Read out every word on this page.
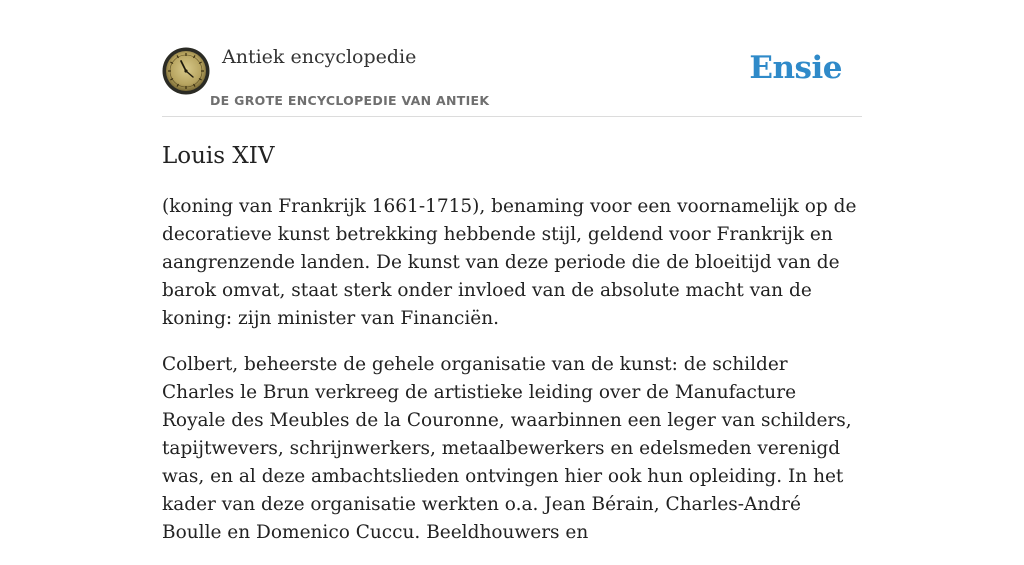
Antiek encyclopedie
DE GROTE ENCYCLOPEDIE VAN ANTIEK
Ensie
Louis XIV

(koning van Frankrijk 1661-1715), benaming voor een voornamelijk op de decoratieve kunst betrekking hebbende stijl, geldend voor Frankrijk en aangrenzende landen. De kunst van deze periode die de bloeitijd van de barok omvat, staat sterk onder invloed van de absolute macht van de koning: zijn minister van Financiën.

Colbert, beheerste de gehele organisatie van de kunst: de schilder Charles le Brun verkreeg de artistieke leiding over de Manufacture Royale des Meubles de la Couronne, waarbinnen een leger van schilders, tapijtwevers, schrijnwerkers, metaalbewerkers en edelsmeden verenigd was, en al deze ambachtslieden ontvingen hier ook hun opleiding. In het kader van deze organisatie werkten o.a. Jean Bérain, Charles-André Boulle en Domenico Cuccu. Beeldhouwers en
